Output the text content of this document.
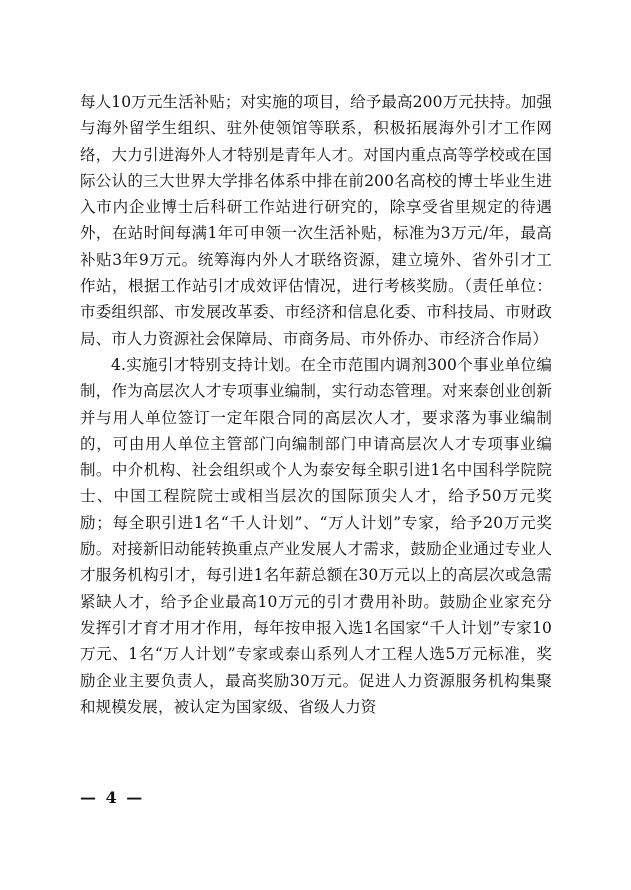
每人10万元生活补贴；对实施的项目，给予最高200万元扶持。加强与海外留学生组织、驻外使领馆等联系，积极拓展海外引才工作网络，大力引进海外人才特别是青年人才。对国内重点高等学校或在国际公认的三大世界大学排名体系中排在前200名高校的博士毕业生进入市内企业博士后科研工作站进行研究的，除享受省里规定的待遇外，在站时间每满1年可申领一次生活补贴，标准为3万元/年，最高补贴3年9万元。统筹海内外人才联络资源，建立境外、省外引才工作站，根据工作站引才成效评估情况，进行考核奖励。（责任单位：市委组织部、市发展改革委、市经济和信息化委、市科技局、市财政局、市人力资源社会保障局、市商务局、市外侨办、市经济合作局）

4.实施引才特别支持计划。在全市范围内调剂300个事业单位编制，作为高层次人才专项事业编制，实行动态管理。对来泰创业创新并与用人单位签订一定年限合同的高层次人才，要求落为事业编制的，可由用人单位主管部门向编制部门申请高层次人才专项事业编制。中介机构、社会组织或个人为泰安每全职引进1名中国科学院院士、中国工程院院士或相当层次的国际顶尖人才，给予50万元奖励；每全职引进1名“千人计划”、“万人计划”专家，给予20万元奖励。对接新旧动能转换重点产业发展人才需求，鼓励企业通过专业人才服务机构引才，每引进1名年薪总额在30万元以上的高层次或急需紧缺人才，给予企业最高10万元的引才费用补助。鼓励企业家充分发挥引才育才用才作用，每年按申报入选1名国家“千人计划”专家10万元、1名“万人计划”专家或泰山系列人才工程人选5万元标准，奖励企业主要负责人，最高奖励30万元。促进人力资源服务机构集聚和规模发展，被认定为国家级、省级人力资

— 4 —
